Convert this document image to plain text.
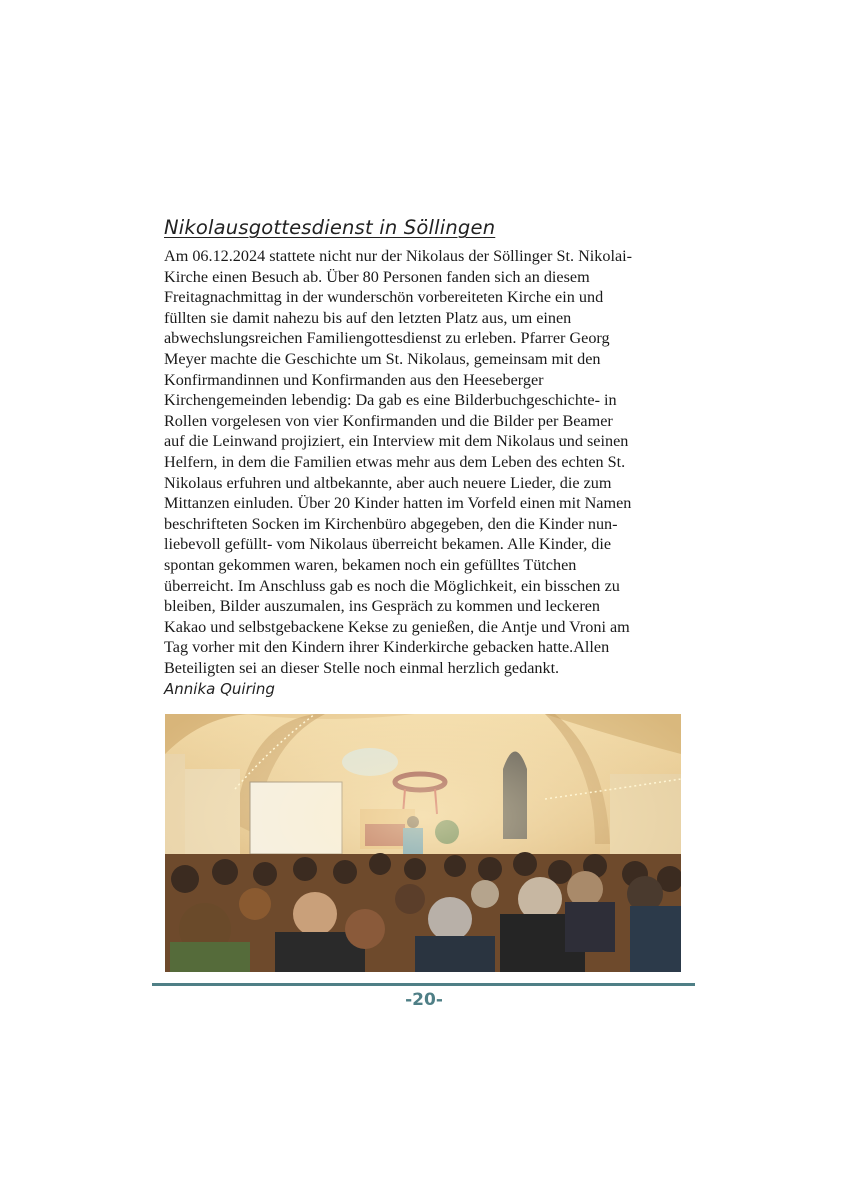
Nikolausgottesdienst in Söllingen
Am 06.12.2024 stattete nicht nur der Nikolaus der Söllinger St. Nikolai-
Kirche einen Besuch ab. Über 80 Personen fanden sich an diesem
Freitagnachmittag in der wunderschön vorbereiteten Kirche ein und
füllten sie damit nahezu bis auf den letzten Platz aus, um einen
abwechslungsreichen Familiengottesdienst zu erleben. Pfarrer Georg
Meyer machte die Geschichte um St. Nikolaus, gemeinsam mit den
Konfirmandinnen und Konfirmanden aus den Heeseberger
Kirchengemeinden lebendig: Da gab es eine Bilderbuchgeschichte- in
Rollen vorgelesen von vier Konfirmanden und die Bilder per Beamer
auf die Leinwand projiziert, ein Interview mit dem Nikolaus und seinen
Helfern, in dem die Familien etwas mehr aus dem Leben des echten St.
Nikolaus erfuhren und altbekannte, aber auch neuere Lieder, die zum
Mittanzen einluden. Über 20 Kinder hatten im Vorfeld einen mit Namen
beschrifteten Socken im Kirchenbüro abgegeben, den die Kinder nun-
liebevoll gefüllt- vom Nikolaus überreicht bekamen. Alle Kinder, die
spontan gekommen waren, bekamen noch ein gefülltes Tütchen
überreicht. Im Anschluss gab es noch die Möglichkeit, ein bisschen zu
bleiben, Bilder auszumalen, ins Gespräch zu kommen und leckeren
Kakao und selbstgebackene Kekse zu genießen, die Antje und Vroni am
Tag vorher mit den Kindern ihrer Kinderkirche gebacken hatte.Allen
Beteiligten sei an dieser Stelle noch einmal herzlich gedankt.
Annika Quiring
-20-
